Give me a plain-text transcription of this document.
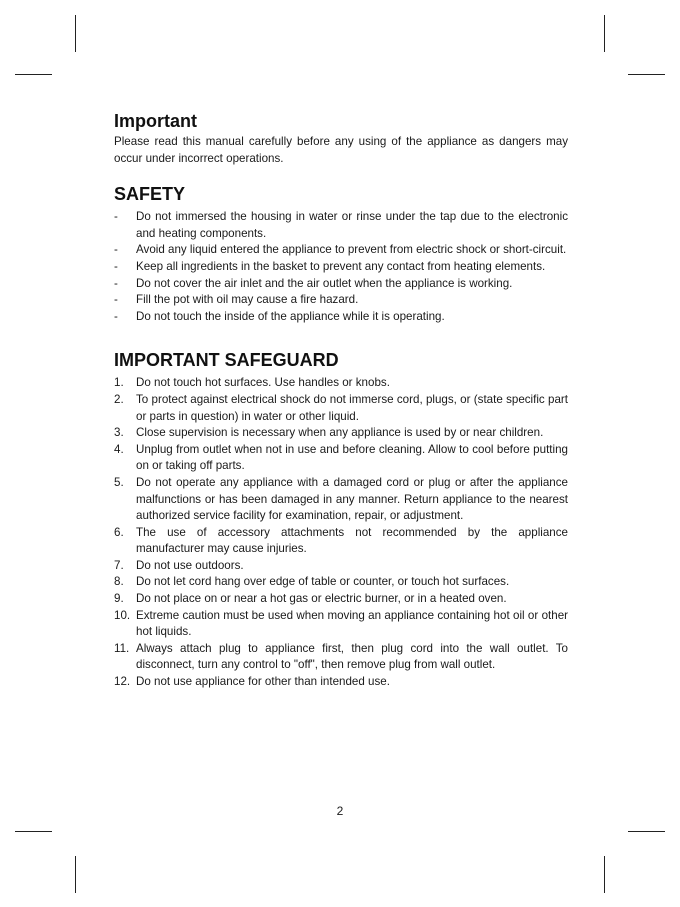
Important

Please read this manual carefully before any using of the appliance as dangers may occur under incorrect operations.

SAFETY
- Do not immersed the housing in water or rinse under the tap due to the electronic and heating components.
- Avoid any liquid entered the appliance to prevent from electric shock or short-circuit.
- Keep all ingredients in the basket to prevent any contact from heating elements.
- Do not cover the air inlet and the air outlet when the appliance is working.
- Fill the pot with oil may cause a fire hazard.
- Do not touch the inside of the appliance while it is operating.
IMPORTANT SAFEGUARD
1.	Do not touch hot surfaces. Use handles or knobs.
2.	To protect against electrical shock do not immerse cord, plugs, or (state specific part or parts in question) in water or other liquid.
3.	Close supervision is necessary when any appliance is used by or near children.
4.	Unplug from outlet when not in use and before cleaning. Allow to cool before putting on or taking off parts.
5.	Do not operate any appliance with a damaged cord or plug or after the appliance malfunctions or has been damaged in any manner. Return appliance to the nearest authorized service facility for examination, repair, or adjustment.
6.	The use of accessory attachments not recommended by the appliance manufacturer may cause injuries.
7.	Do not use outdoors.
8.	Do not let cord hang over edge of table or counter, or touch hot surfaces.
9.	Do not place on or near a hot gas or electric burner, or in a heated oven.
10. Extreme caution must be used when moving an appliance containing hot oil or other hot liquids.
11. Always attach plug to appliance first, then plug cord into the wall outlet. To disconnect, turn any control to "off", then remove plug from wall outlet.
12. Do not use appliance for other than intended use.
2
